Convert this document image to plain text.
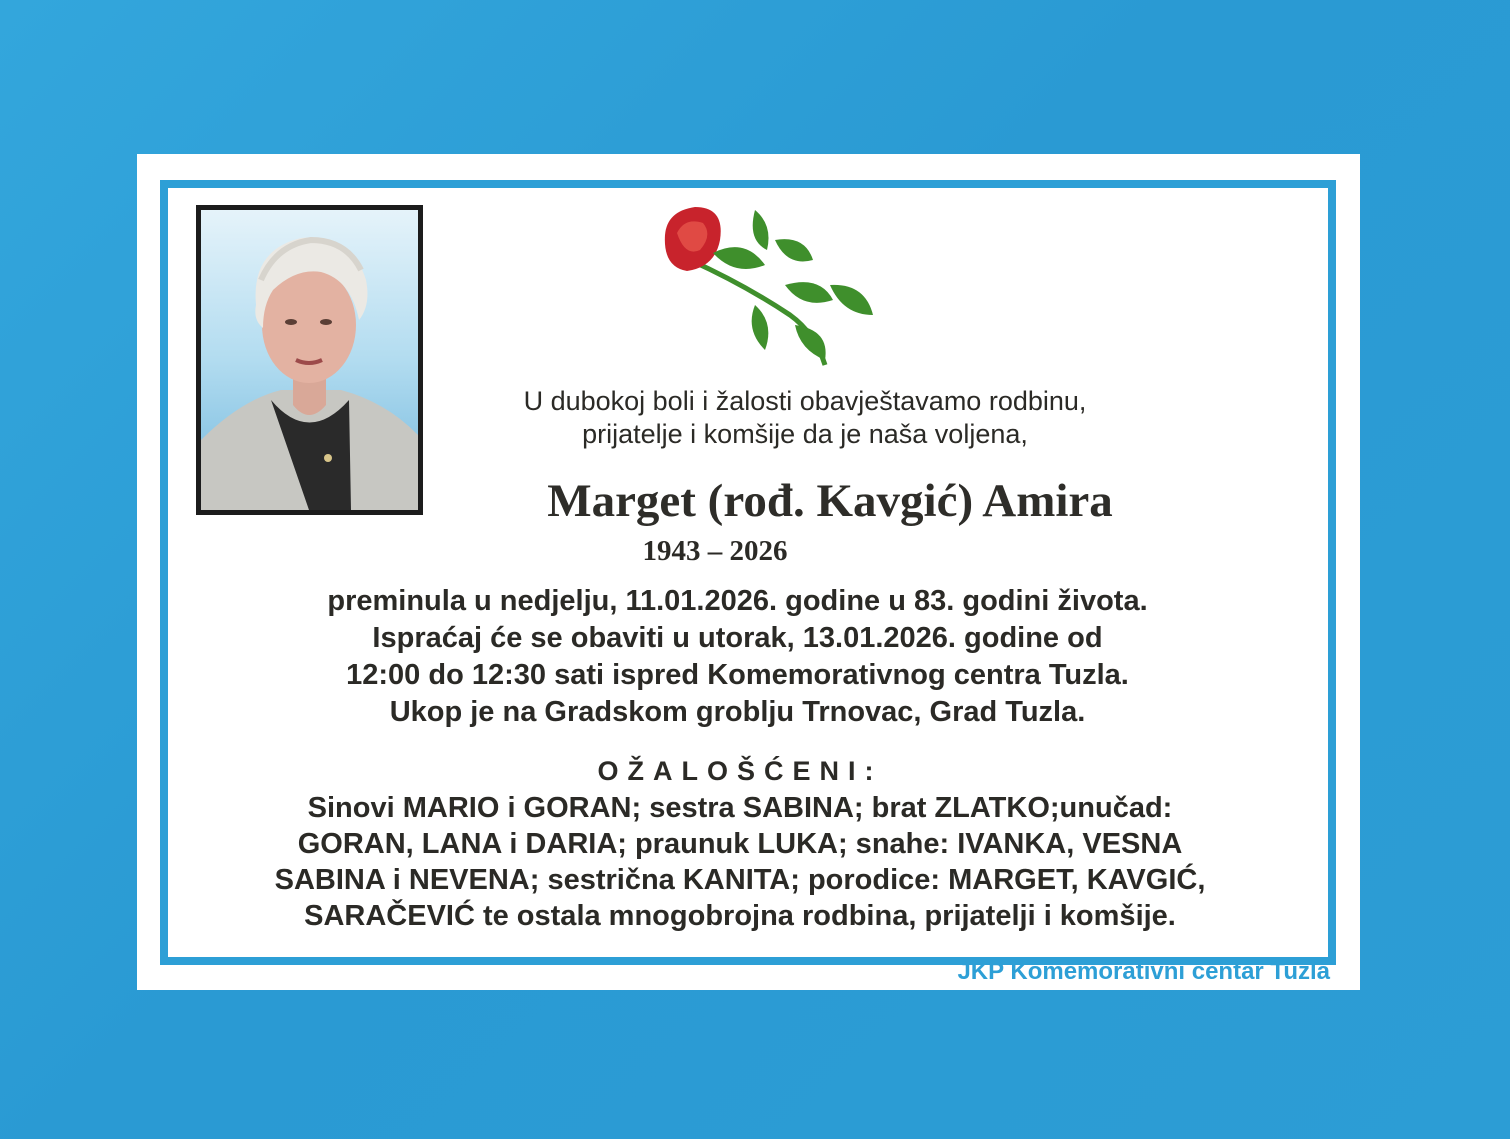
U dubokoj boli i žalosti obavještavamo rodbinu,
prijatelje i komšije da je naša voljena,
Marget (rođ. Kavgić) Amira
1943 – 2026
preminula u nedjelju, 11.01.2026. godine u 83. godini života.
Ispraćaj će se obaviti u utorak, 13.01.2026. godine od
12:00 do 12:30 sati ispred Komemorativnog centra Tuzla.
Ukop je na Gradskom groblju Trnovac, Grad Tuzla.
OŽALOŠĆENI:
Sinovi MARIO i GORAN; sestra SABINA; brat ZLATKO;unučad:
GORAN, LANA i DARIA; praunuk LUKA; snahe: IVANKA, VESNA
SABINA i NEVENA; sestrična KANITA; porodice: MARGET, KAVGIĆ,
SARAČEVIĆ te ostala mnogobrojna rodbina, prijatelji i komšije.
JKP Komemorativni centar Tuzla
